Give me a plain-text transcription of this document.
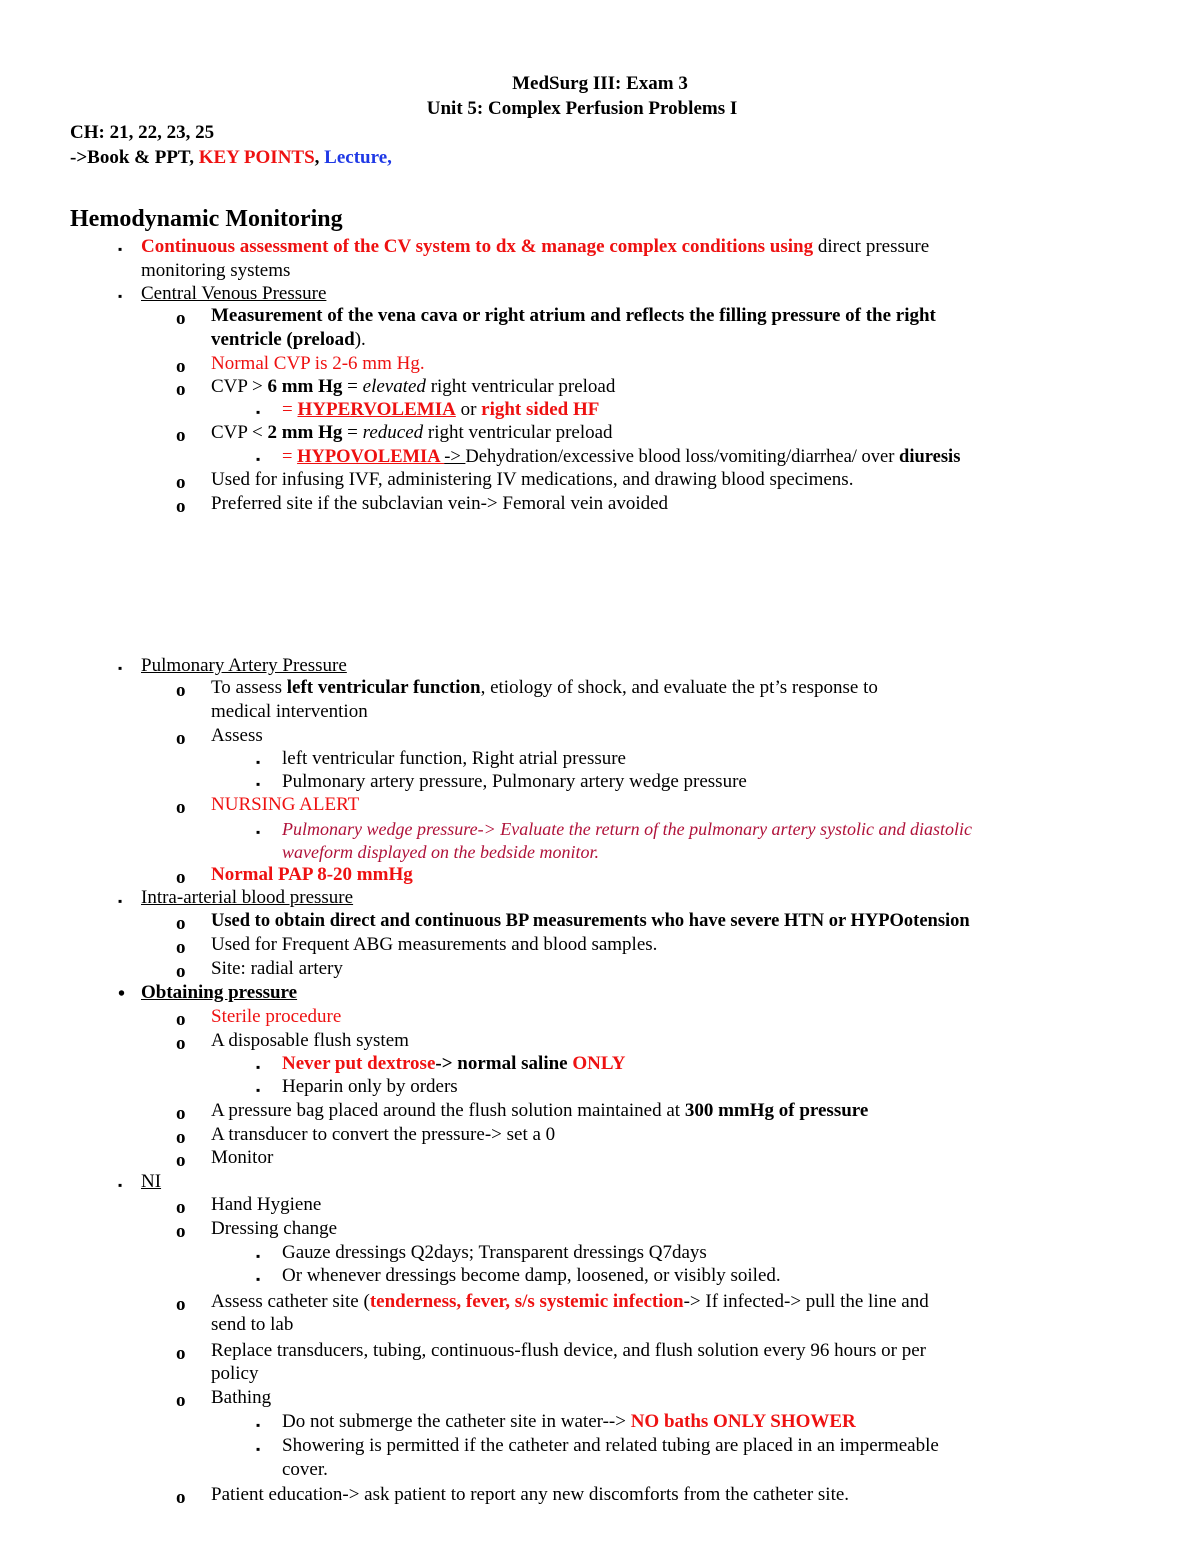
MedSurg III: Exam 3
Unit 5: Complex Perfusion Problems I
CH: 21, 22, 23, 25
->Book & PPT, KEY POINTS, Lecture,
Hemodynamic Monitoring
▪ Continuous assessment of the CV system to dx & manage complex conditions using direct pressure
monitoring systems
▪ Central Venous Pressure
o Measurement of the vena cava or right atrium and reflects the filling pressure of the right
ventricle (preload).
o Normal CVP is 2-6 mm Hg.
o CVP > 6 mm Hg = elevated right ventricular preload
▪ = HYPERVOLEMIA or right sided HF
o CVP < 2 mm Hg = reduced right ventricular preload
▪ = HYPOVOLEMIA -> Dehydration/excessive blood loss/vomiting/diarrhea/ over diuresis
o Used for infusing IVF, administering IV medications, and drawing blood specimens.
o Preferred site if the subclavian vein-> Femoral vein avoided
▪ Pulmonary Artery Pressure
o To assess left ventricular function, etiology of shock, and evaluate the pt’s response to
medical intervention
o Assess
▪ left ventricular function, Right atrial pressure
▪ Pulmonary artery pressure, Pulmonary artery wedge pressure
o NURSING ALERT
▪ Pulmonary wedge pressure-> Evaluate the return of the pulmonary artery systolic and diastolic
waveform displayed on the bedside monitor.
o Normal PAP 8-20 mmHg
▪ Intra-arterial blood pressure
o Used to obtain direct and continuous BP measurements who have severe HTN or HYPOotension
o Used for Frequent ABG measurements and blood samples.
o Site: radial artery
• Obtaining pressure
o Sterile procedure
o A disposable flush system
▪ Never put dextrose-> normal saline ONLY
▪ Heparin only by orders
o A pressure bag placed around the flush solution maintained at 300 mmHg of pressure
o A transducer to convert the pressure-> set a 0
o Monitor
▪ NI
o Hand Hygiene
o Dressing change
▪ Gauze dressings Q2days; Transparent dressings Q7days
▪ Or whenever dressings become damp, loosened, or visibly soiled.
o Assess catheter site (tenderness, fever, s/s systemic infection-> If infected-> pull the line and
send to lab
o Replace transducers, tubing, continuous-flush device, and flush solution every 96 hours or per
policy
o Bathing
▪ Do not submerge the catheter site in water--> NO baths ONLY SHOWER
▪ Showering is permitted if the catheter and related tubing are placed in an impermeable
cover.
o Patient education-> ask patient to report any new discomforts from the catheter site.
